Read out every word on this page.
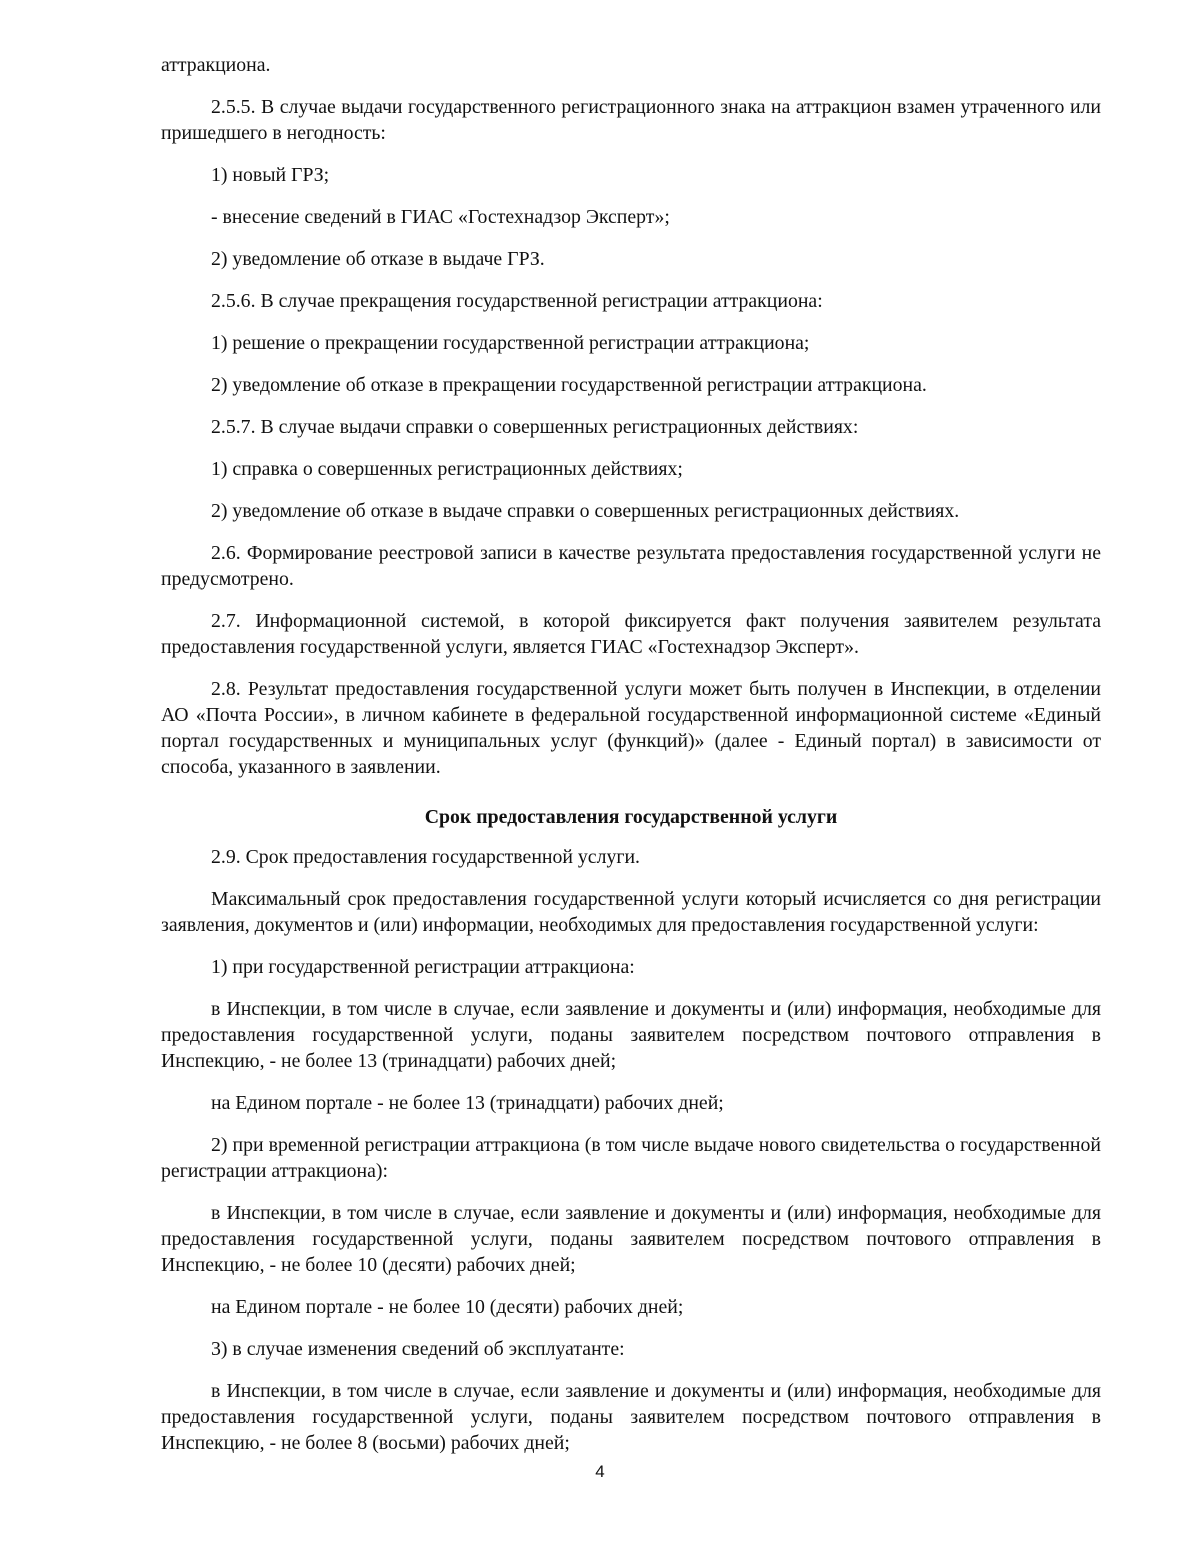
аттракциона.

2.5.5. В случае выдачи государственного регистрационного знака на аттракцион взамен утраченного или пришедшего в негодность:

1) новый ГРЗ;

- внесение сведений в ГИАС «Гостехнадзор Эксперт»;

2) уведомление об отказе в выдаче ГРЗ.

2.5.6. В случае прекращения государственной регистрации аттракциона:

1) решение о прекращении государственной регистрации аттракциона;

2) уведомление об отказе в прекращении государственной регистрации аттракциона.

2.5.7. В случае выдачи справки о совершенных регистрационных действиях:

1) справка о совершенных регистрационных действиях;

2) уведомление об отказе в выдаче справки о совершенных регистрационных действиях.

2.6. Формирование реестровой записи в качестве результата предоставления государственной услуги не предусмотрено.

2.7. Информационной системой, в которой фиксируется факт получения заявителем результата предоставления государственной услуги, является ГИАС «Гостехнадзор Эксперт».

2.8. Результат предоставления государственной услуги может быть получен в Инспекции, в отделении АО «Почта России», в личном кабинете в федеральной государственной информационной системе «Единый портал государственных и муниципальных услуг (функций)» (далее - Единый портал) в зависимости от способа, указанного в заявлении.

Срок предоставления государственной услуги

2.9. Срок предоставления государственной услуги.

Максимальный срок предоставления государственной услуги который исчисляется со дня регистрации заявления, документов и (или) информации, необходимых для предоставления государственной услуги:

1) при государственной регистрации аттракциона:

в Инспекции, в том числе в случае, если заявление и документы и (или) информация, необходимые для предоставления государственной услуги, поданы заявителем посредством почтового отправления в Инспекцию, - не более 13 (тринадцати) рабочих дней;

на Едином портале - не более 13 (тринадцати) рабочих дней;

2) при временной регистрации аттракциона (в том числе выдаче нового свидетельства о государственной регистрации аттракциона):

в Инспекции, в том числе в случае, если заявление и документы и (или) информация, необходимые для предоставления государственной услуги, поданы заявителем посредством почтового отправления в Инспекцию, - не более 10 (десяти) рабочих дней;

на Едином портале - не более 10 (десяти) рабочих дней;

3) в случае изменения сведений об эксплуатанте:

в Инспекции, в том числе в случае, если заявление и документы и (или) информация, необходимые для предоставления государственной услуги, поданы заявителем посредством почтового отправления в Инспекцию, - не более 8 (восьми) рабочих дней;

4
